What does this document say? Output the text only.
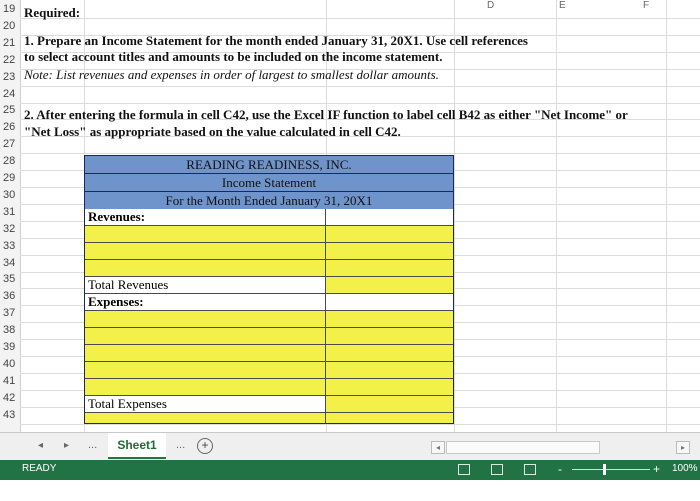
D	E	F
19
20
21
22
23
24
25
26
27
28
29
30
31
32
33
34
35
36
37
38
39
40
41
42
43
Required:
1. Prepare an Income Statement for the month ended January 31, 20X1. Use cell references
to select account titles and amounts to be included on the income statement.
Note: List revenues and expenses in order of largest to smallest dollar amounts.
2. After entering the formula in cell C42, use the Excel IF function to label cell B42 as either "Net Income" or
"Net Loss" as appropriate based on the value calculated in cell C42.
READING READINESS, INC.
Income Statement
For the Month Ended January 31, 20X1
Revenues:
Total Revenues
Expenses:
Total Expenses
◂ ▸ ...	Sheet1	...	+	◂	▸
READY	-	+ 100%
